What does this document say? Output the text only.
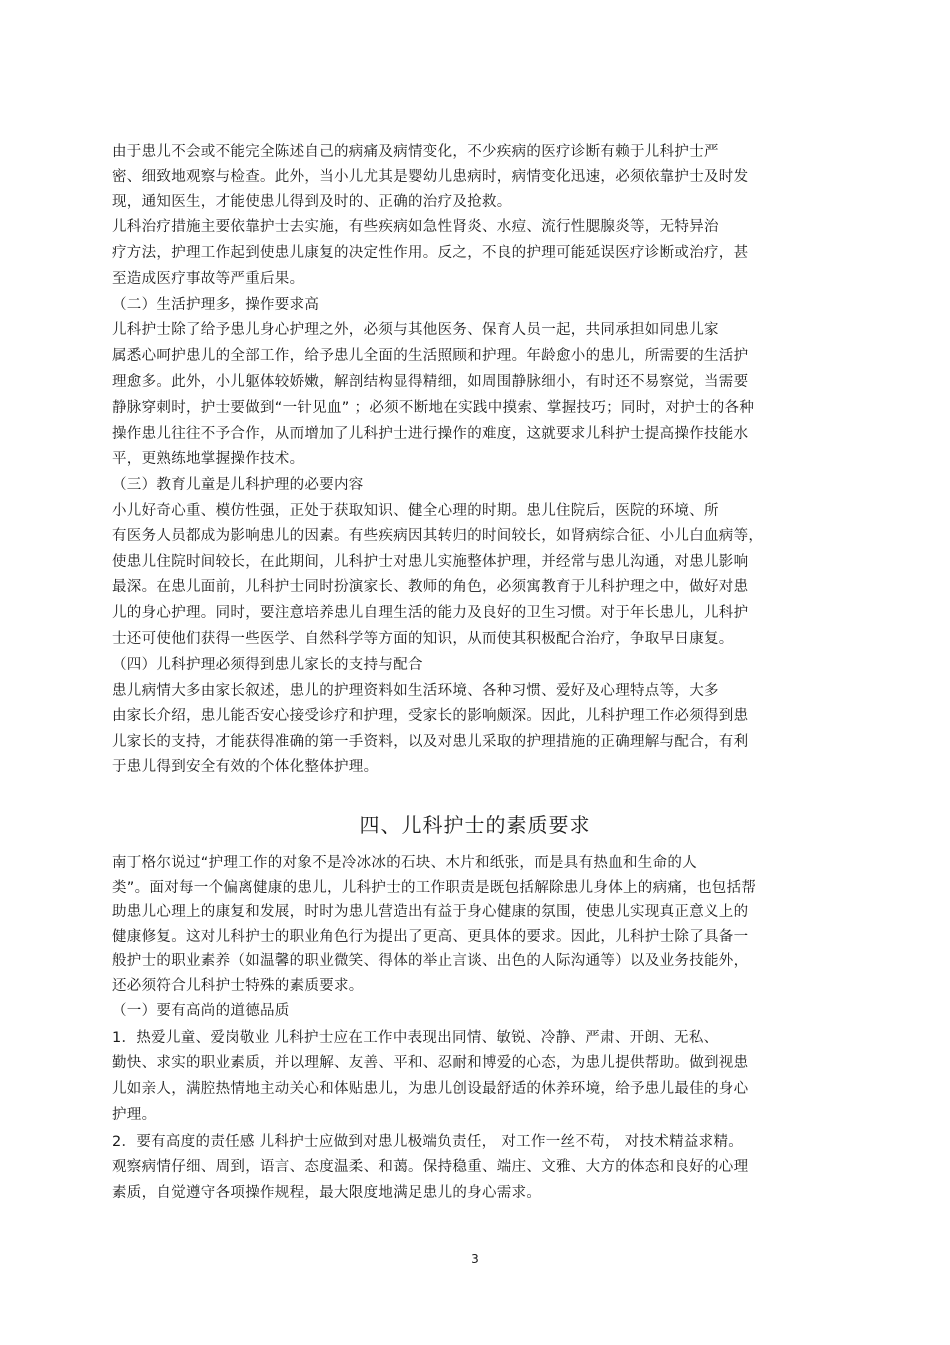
由于患儿不会或不能完全陈述自己的病痛及病情变化，不少疾病的医疗诊断有赖于儿科护士严
密、细致地观察与检查。此外，当小儿尤其是婴幼儿患病时，病情变化迅速，必须依靠护士及时发
现，通知医生，才能使患儿得到及时的、正确的治疗及抢救。
儿科治疗措施主要依靠护士去实施，有些疾病如急性肾炎、水痘、流行性腮腺炎等，无特异治
疗方法，护理工作起到使患儿康复的决定性作用。反之，不良的护理可能延误医疗诊断或治疗，甚
至造成医疗事故等严重后果。
（二）生活护理多，操作要求高
儿科护士除了给予患儿身心护理之外，必须与其他医务、保育人员一起，共同承担如同患儿家
属悉心呵护患儿的全部工作，给予患儿全面的生活照顾和护理。年龄愈小的患儿，所需要的生活护
理愈多。此外，小儿躯体较娇嫩，解剖结构显得精细，如周围静脉细小，有时还不易察觉，当需要
静脉穿刺时，护士要做到“一针见血” ；必须不断地在实践中摸索、掌握技巧；同时，对护士的各种
操作患儿往往不予合作，从而增加了儿科护士进行操作的难度，这就要求儿科护士提高操作技能水
平，更熟练地掌握操作技术。
（三）教育儿童是儿科护理的必要内容
小儿好奇心重、模仿性强，正处于获取知识、健全心理的时期。患儿住院后，医院的环境、所
有医务人员都成为影响患儿的因素。有些疾病因其转归的时间较长，如肾病综合征、小儿白血病等，
使患儿住院时间较长，在此期间，儿科护士对患儿实施整体护理，并经常与患儿沟通，对患儿影响
最深。在患儿面前，儿科护士同时扮演家长、教师的角色，必须寓教育于儿科护理之中，做好对患
儿的身心护理。同时，要注意培养患儿自理生活的能力及良好的卫生习惯。对于年长患儿，儿科护
士还可使他们获得一些医学、自然科学等方面的知识，从而使其积极配合治疗，争取早日康复。
（四）儿科护理必须得到患儿家长的支持与配合
患儿病情大多由家长叙述，患儿的护理资料如生活环境、各种习惯、爱好及心理特点等，大多
由家长介绍，患儿能否安心接受诊疗和护理，受家长的影响颇深。因此，儿科护理工作必须得到患
儿家长的支持，才能获得准确的第一手资料，以及对患儿采取的护理措施的正确理解与配合，有利
于患儿得到安全有效的个体化整体护理。
四、儿科护士的素质要求
南丁格尔说过“护理工作的对象不是冷冰冰的石块、木片和纸张，而是具有热血和生命的人
类”。面对每一个偏离健康的患儿，儿科护士的工作职责是既包括解除患儿身体上的病痛，也包括帮
助患儿心理上的康复和发展，时时为患儿营造出有益于身心健康的氛围，使患儿实现真正意义上的
健康修复。这对儿科护士的职业角色行为提出了更高、更具体的要求。因此，儿科护士除了具备一
般护士的职业素养（如温馨的职业微笑、得体的举止言谈、出色的人际沟通等）以及业务技能外，
还必须符合儿科护士特殊的素质要求。
（一）要有高尚的道德品质
1．热爱儿童、爱岗敬业 儿科护士应在工作中表现出同情、敏锐、冷静、严肃、开朗、无私、
勤快、求实的职业素质，并以理解、友善、平和、忍耐和博爱的心态，为患儿提供帮助。做到视患
儿如亲人，满腔热情地主动关心和体贴患儿，为患儿创设最舒适的休养环境，给予患儿最佳的身心
护理。
2．要有高度的责任感 儿科护士应做到对患儿极端负责任， 对工作一丝不苟， 对技术精益求精。
观察病情仔细、周到，语言、态度温柔、和蔼。保持稳重、端庄、文雅、大方的体态和良好的心理
素质，自觉遵守各项操作规程，最大限度地满足患儿的身心需求。
3
